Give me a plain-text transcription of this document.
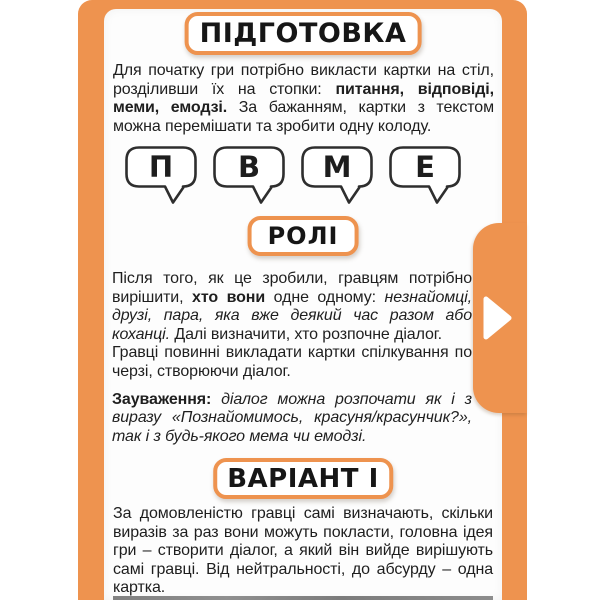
ПІДГОТОВКА

Для початку гри потрібно викласти картки на стіл, розділивши їх на стопки: питання, відповіді, меми, емодзі. За бажанням, картки з текстом можна перемішати та зробити одну колоду.

П В М Е
РОЛІ

Після того, як це зробили, гравцям потрібно вирішити, хто вони одне одному: незнайомці, друзі, пара, яка вже деякий час разом або коханці. Далі визначити, хто розпочне діалог.

Гравці повинні викладати картки спілкування по черзі, створюючи діалог.

Зауваження: діалог можна розпочати як і з виразу «Познайомимось, красуня/красунчик?», так і з будь-якого мема чи емодзі.

ВАРІАНТ І

За домовленістю гравці самі визначають, скільки виразів за раз вони можуть покласти, головна ідея гри – створити діалог, а який він вийде вирішують самі гравці. Від нейтральності, до абсурду – одна картка.
